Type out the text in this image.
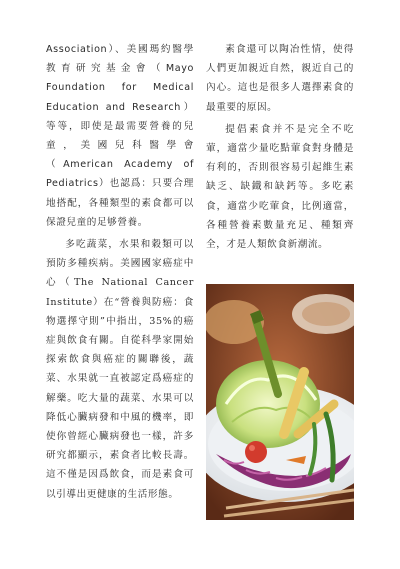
Association）、美國瑪約醫學教育研究基金會（Mayo Foundation for Medical Education and Research）等等，即使是最需要營養的兒童，美國兒科醫學會（American Academy of Pediatrics）也認爲：只要合理地搭配，各種類型的素食都可以保證兒童的足够營養。

多吃蔬菜，水果和穀類可以預防多種疾病。美國國家癌症中心（The National Cancer Institute）在“營養與防癌：食物選擇守則”中指出，35%的癌症與飲食有關。自從科學家開始探索飲食與癌症的關聯後，蔬菜、水果就一直被認定爲癌症的解藥。吃大量的蔬菜、水果可以降低心臟病發和中風的機率，即使你曾經心臟病發也一樣，許多研究都顯示，素食者比較長壽。這不僅是因爲飲食，而是素食可以引導出更健康的生活形態。

素食還可以陶冶性情，使得人們更加親近自然，親近自己的內心。這也是很多人選擇素食的最重要的原因。

提倡素食并不是完全不吃葷，適當少量吃點葷食對身體是有利的，否則很容易引起維生素缺乏、缺鐵和缺鈣等。多吃素食，適當少吃葷食，比例適當，各種營養素數量充足、種類齊全，才是人類飲食新潮流。
